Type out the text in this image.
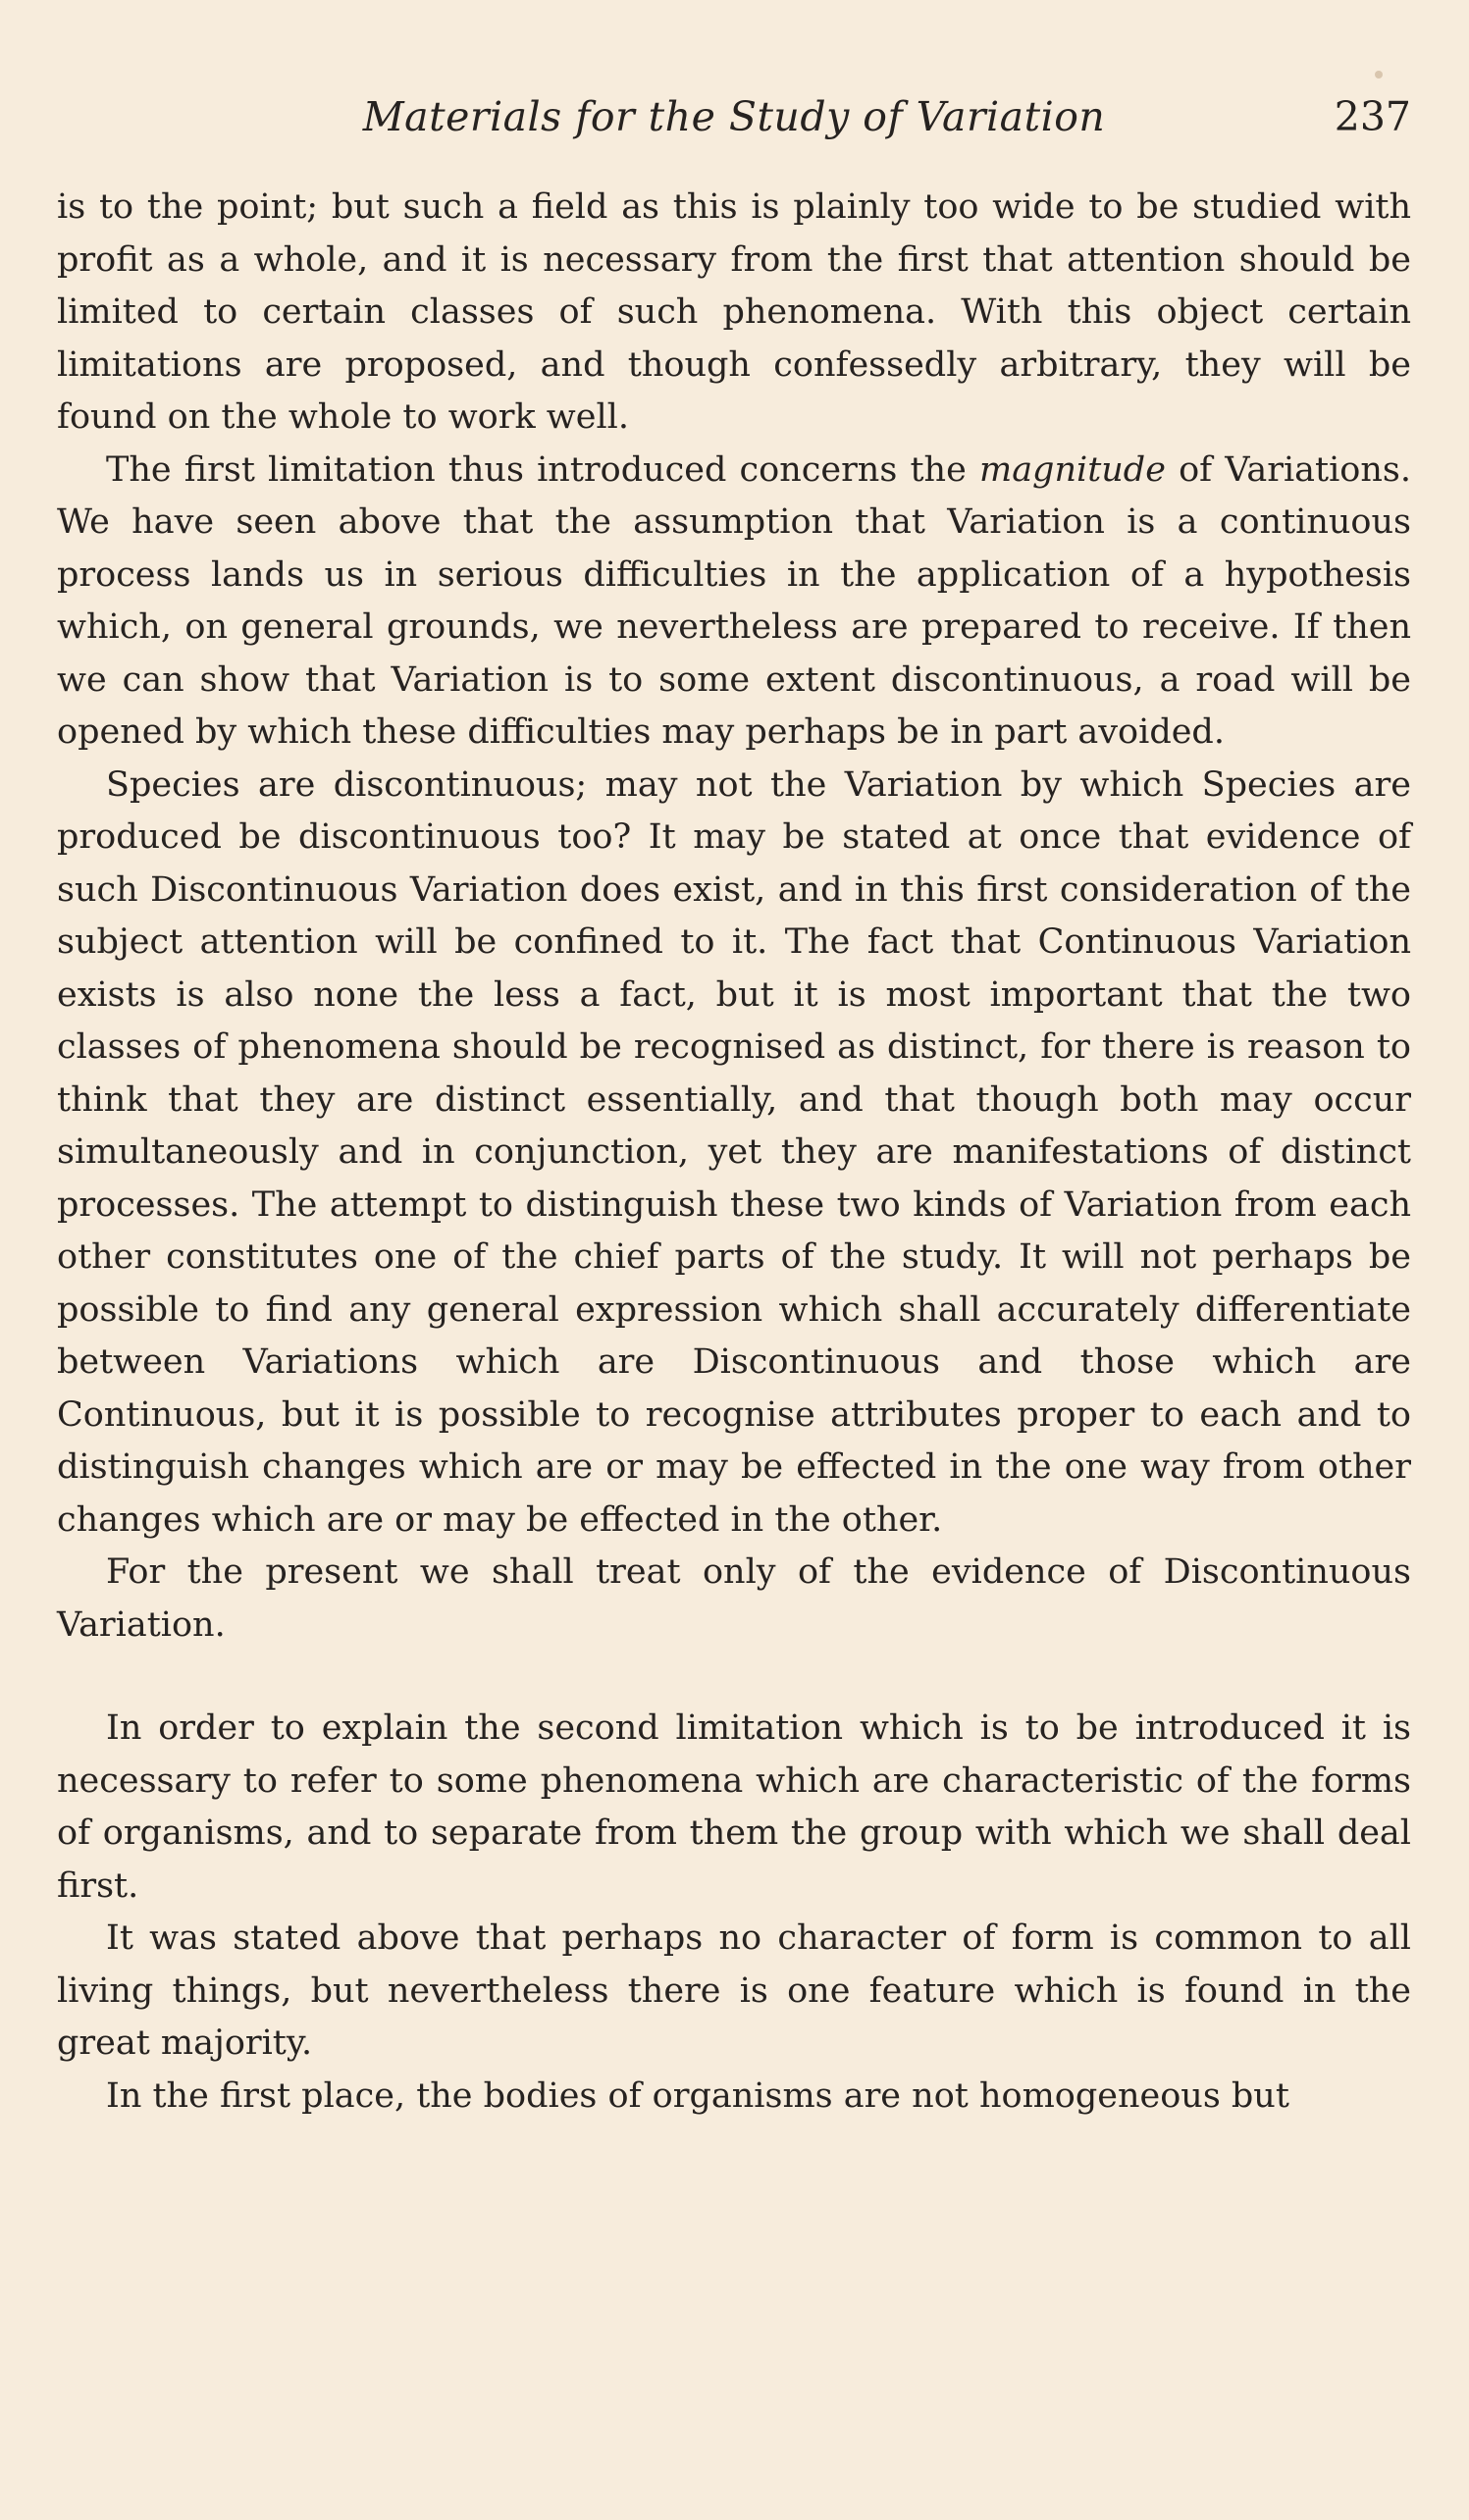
Materials for the Study of Variation	237

is to the point; but such a field as this is plainly too wide to be studied with profit as a whole, and it is necessary from the first that attention should be limited to certain classes of such phenomena. With this object certain limitations are proposed, and though confessedly arbitrary, they will be found on the whole to work well.

The first limitation thus introduced concerns the magnitude of Variations. We have seen above that the assumption that Variation is a continuous process lands us in serious difficulties in the application of a hypothesis which, on general grounds, we nevertheless are prepared to receive. If then we can show that Variation is to some extent discontinuous, a road will be opened by which these difficulties may perhaps be in part avoided.

Species are discontinuous; may not the Variation by which Species are produced be discontinuous too? It may be stated at once that evidence of such Discontinuous Variation does exist, and in this first consideration of the subject attention will be confined to it. The fact that Continuous Variation exists is also none the less a fact, but it is most important that the two classes of phenomena should be recognised as distinct, for there is reason to think that they are distinct essentially, and that though both may occur simultaneously and in conjunction, yet they are manifestations of distinct processes. The attempt to distinguish these two kinds of Variation from each other constitutes one of the chief parts of the study. It will not perhaps be possible to find any general expression which shall accurately differentiate between Variations which are Discontinuous and those which are Continuous, but it is possible to recognise attributes proper to each and to distinguish changes which are or may be effected in the one way from other changes which are or may be effected in the other.

For the present we shall treat only of the evidence of Discontinuous Variation.

In order to explain the second limitation which is to be introduced it is necessary to refer to some phenomena which are characteristic of the forms of organisms, and to separate from them the group with which we shall deal first.

It was stated above that perhaps no character of form is common to all living things, but nevertheless there is one feature which is found in the great majority.

In the first place, the bodies of organisms are not homogeneous but
